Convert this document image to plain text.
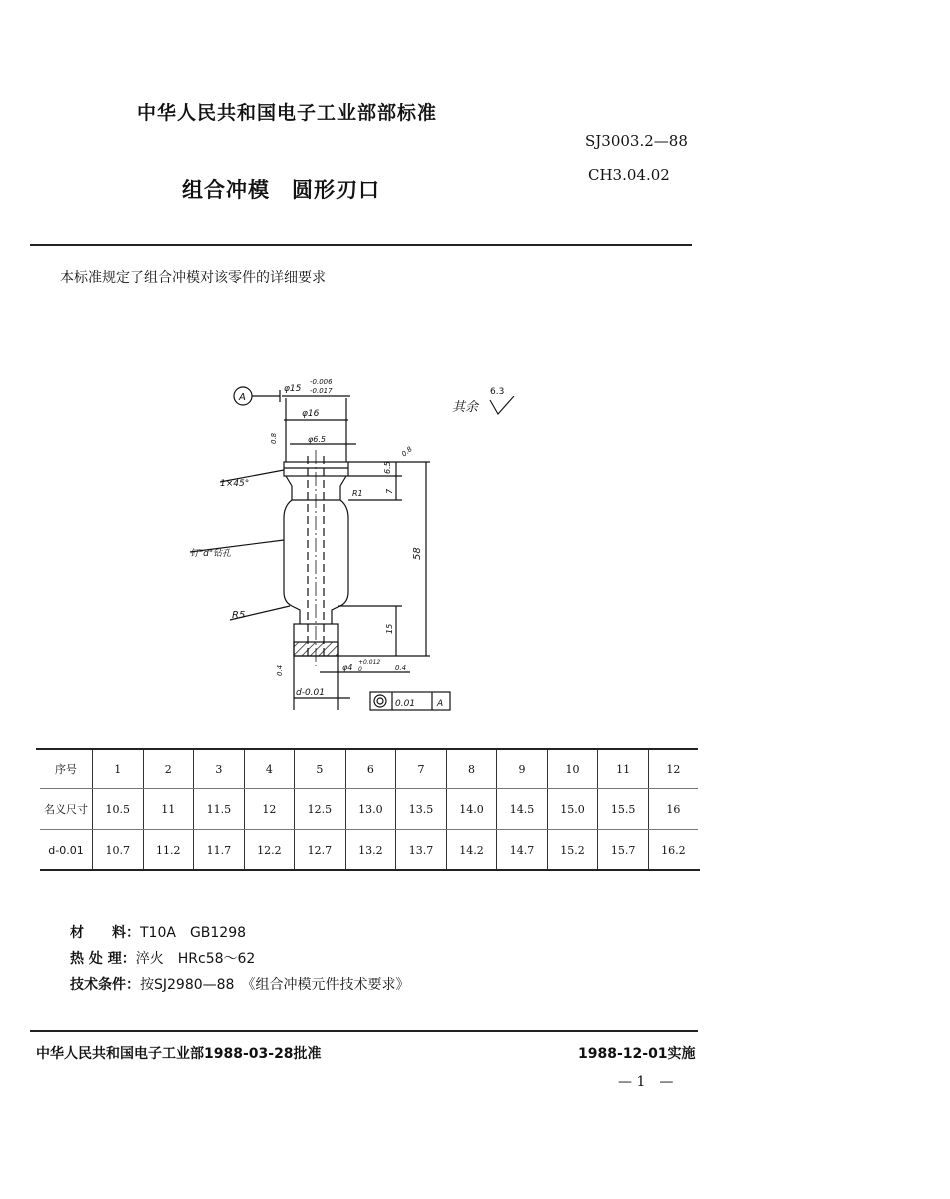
中华人民共和国电子工业部部标准
SJ3003.2—88
CH3.04.02
组合冲模　圆形刃口
本标准规定了组合冲模对该零件的详细要求
A
φ15
-0.006
-0.017
φ16
φ6.5
0.8
6.5
7
58
15
0.8
R1
1×45°
钉"d"钻孔
R5
0.4
d-0.01
φ4
+0.012
0	0.4
0.01 A
其余
6.3
序号	1	2	3	4	5	6	7	8	9	10	11	12
名义尺寸	10.5	11	11.5	12	12.5	13.0	13.5	14.0	14.5	15.0	15.5	16
d-0.01	10.7	11.2	11.7	12.2	12.7	13.2	13.7	14.2	14.7	15.2	15.7	16.2
材　　料：T10A　GB1298
热 处 理：淬火　HRc58～62
技术条件：按SJ2980—88　《组合冲模元件技术要求》
中华人民共和国电子工业部1988-03-28批准	1988-12-01实施
— 1　—
